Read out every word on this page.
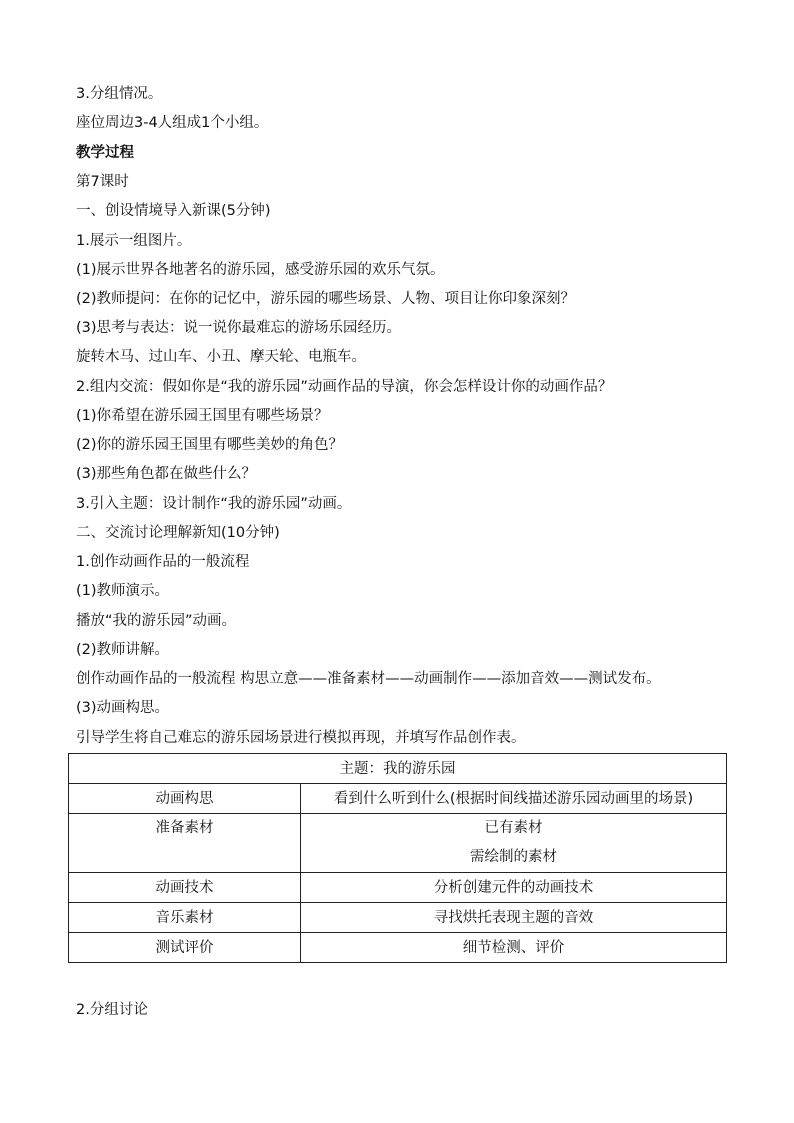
3.分组情况。
座位周边3-4人组成1个小组。
教学过程
第7课时
一、创设情境导入新课(5分钟)
1.展示一组图片。
(1)展示世界各地著名的游乐园，感受游乐园的欢乐气氛。
(2)教师提问：在你的记忆中，游乐园的哪些场景、人物、项目让你印象深刻？
(3)思考与表达：说一说你最难忘的游场乐园经历。
旋转木马、过山车、小丑、摩天轮、电瓶车。
2.组内交流：假如你是“我的游乐园”动画作品的导演，你会怎样设计你的动画作品？
(1)你希望在游乐园王国里有哪些场景？
(2)你的游乐园王国里有哪些美妙的角色？
(3)那些角色都在做些什么？
3.引入主题：设计制作“我的游乐园”动画。
二、交流讨论理解新知(10分钟)
1.创作动画作品的一般流程
(1)教师演示。
播放“我的游乐园”动画。
(2)教师讲解。
创作动画作品的一般流程 构思立意——准备素材——动画制作——添加音效——测试发布。
(3)动画构思。
引导学生将自己难忘的游乐园场景进行模拟再现，并填写作品创作表。
主题：我的游乐园	
动画构思	看到什么听到什么(根据时间线描述游乐园动画里的场景)

准备素材	已有素材
需绘制的素材

动画技术	分析创建元件的动画技术
音乐素材	寻找烘托表现主题的音效
测试评价	细节检测、评价
2.分组讨论
